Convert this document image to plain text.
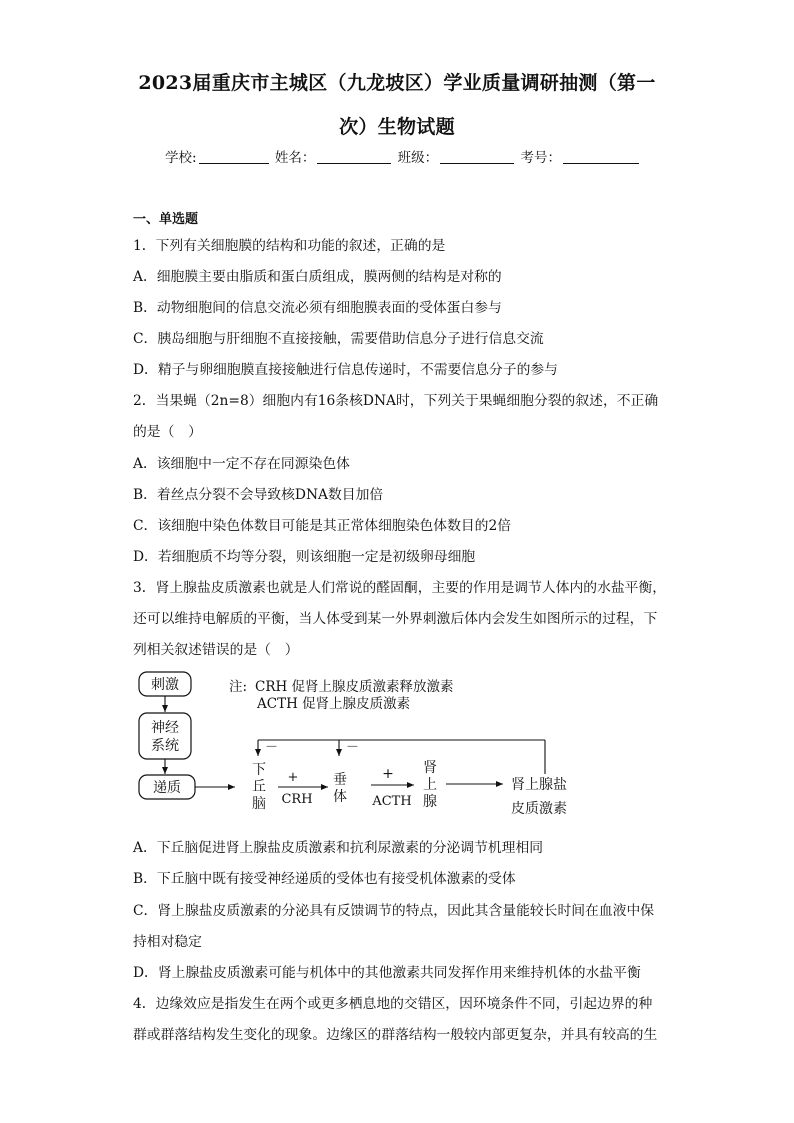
2023届重庆市主城区（九龙坡区）学业质量调研抽测（第一
次）生物试题
学校:	姓名：	班级：	考号：
一、单选题
1．下列有关细胞膜的结构和功能的叙述，正确的是
A．细胞膜主要由脂质和蛋白质组成，膜两侧的结构是对称的
B．动物细胞间的信息交流必须有细胞膜表面的受体蛋白参与
C．胰岛细胞与肝细胞不直接接触，需要借助信息分子进行信息交流
D．精子与卵细胞膜直接接触进行信息传递时，不需要信息分子的参与
2．当果蝇（2n=8）细胞内有16条核DNA时，下列关于果蝇细胞分裂的叙述，不正确
的是（　）
A．该细胞中一定不存在同源染色体
B．着丝点分裂不会导致核DNA数目加倍
C．该细胞中染色体数目可能是其正常体细胞染色体数目的2倍
D．若细胞质不均等分裂，则该细胞一定是初级卵母细胞
3．肾上腺盐皮质激素也就是人们常说的醛固酮，主要的作用是调节人体内的水盐平衡，
还可以维持电解质的平衡，当人体受到某一外界刺激后体内会发生如图所示的过程，下
列相关叙述错误的是（　）
刺激
神经
系统
递质
注: CRH 促肾上腺皮质激素释放激素
ACTH 促肾上腺皮质激素
－	－
下
丘
脑
+
CRH
垂
体
+
ACTH
肾
上
腺
肾上腺盐
皮质激素
A．下丘脑促进肾上腺盐皮质激素和抗利尿激素的分泌调节机理相同
B．下丘脑中既有接受神经递质的受体也有接受机体激素的受体
C．肾上腺盐皮质激素的分泌具有反馈调节的特点，因此其含量能较长时间在血液中保
持相对稳定
D．肾上腺盐皮质激素可能与机体中的其他激素共同发挥作用来维持机体的水盐平衡
4．边缘效应是指发生在两个或更多栖息地的交错区，因环境条件不同，引起边界的种
群或群落结构发生变化的现象。边缘区的群落结构一般较内部更复杂，并具有较高的生
